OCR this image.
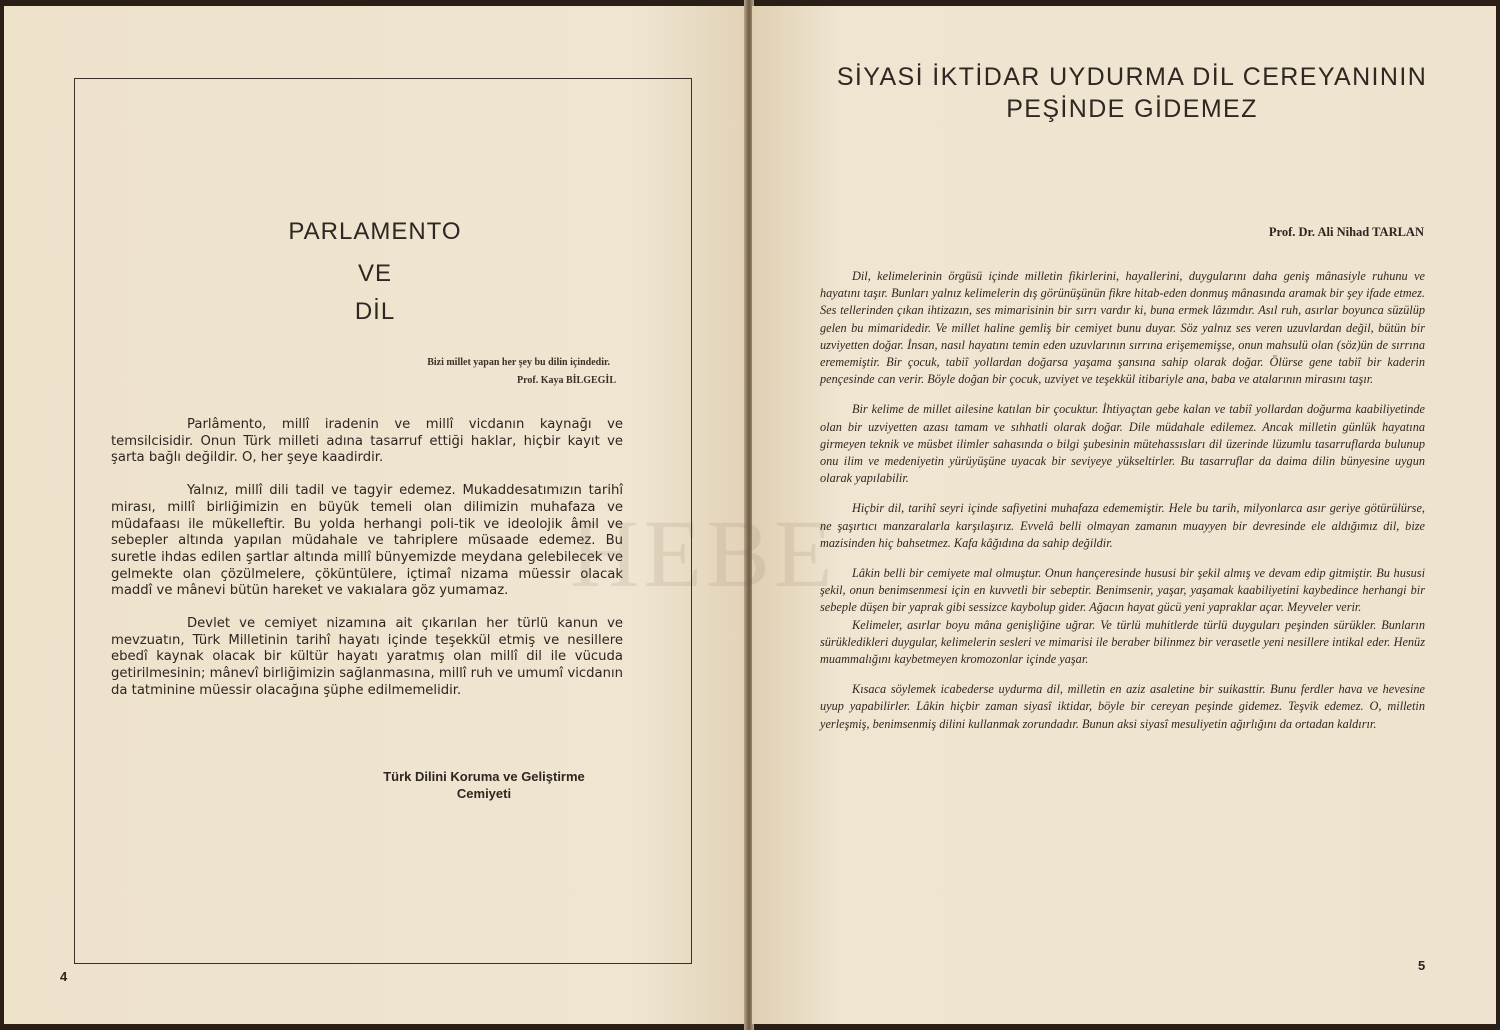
PARLAMENTO
VE
DİL
Bizi millet yapan her şey bu dilin içindedir.
Prof. Kaya BİLGEGİL

Parlâmento, millî iradenin ve millî vicdanın kaynağı ve temsilcisidir. Onun Türk milleti adına tasarruf ettiği haklar, hiçbir kayıt ve şarta bağlı değildir. O, her şeye kaadirdir.

Yalnız, millî dili tadil ve tagyir edemez. Mukaddesatımızın tarihî mirası, millî birliğimizin en büyük temeli olan dilimizin muhafaza ve müdafaası ile mükelleftir. Bu yolda herhangi poli-tik ve ideolojik âmil ve sebepler altında yapılan müdahale ve tahriplere müsaade edemez. Bu suretle ihdas edilen şartlar altında millî bünyemizde meydana gelebilecek ve gelmekte olan çözülmelere, çöküntülere, içtimaî nizama müessir olacak maddî ve mânevi bütün hareket ve vakıalara göz yumamaz.

Devlet ve cemiyet nizamına ait çıkarılan her türlü kanun ve mevzuatın, Türk Milletinin tarihî hayatı içinde teşekkül etmiş ve nesillere ebedî kaynak olacak bir kültür hayatı yaratmış olan millî dil ile vücuda getirilmesinin; mânevî birliğimizin sağlanmasına, millî ruh ve umumî vicdanın da tatminine müessir olacağına şüphe edilmemelidir.

Türk Dilini Koruma ve Geliştirme
Cemiyeti
4
SİYASİ İKTİDAR UYDURMA DİL CEREYANININ
PEŞİNDE GİDEMEZ
Prof. Dr. Ali Nihad TARLAN

Dil, kelimelerinin örgüsü içinde milletin fikirlerini, hayallerini, duygularını daha geniş mânasiyle ruhunu ve hayatını taşır. Bunları yalnız kelimelerin dış görünüşünün fikre hitab-eden donmuş mânasında aramak bir şey ifade etmez. Ses tellerinden çıkan ihtizazın, ses mimarisinin bir sırrı vardır ki, buna ermek lâzımdır. Asıl ruh, asırlar boyunca süzülüp gelen bu mimaridedir. Ve millet haline gemliş bir cemiyet bunu duyar. Söz yalnız ses veren uzuvlardan değil, bütün bir uzviyetten doğar. İnsan, nasıl hayatını temin eden uzuvlarının sırrına erişememişse, onun mahsulü olan (söz)ün de sırrına erememiştir. Bir çocuk, tabiî yollardan doğarsa yaşama şansına sahip olarak doğar. Ölürse gene tabiî bir kaderin pençesinde can verir. Böyle doğan bir çocuk, uzviyet ve teşekkül itibariyle ana, baba ve atalarının mirasını taşır.

Bir kelime de millet ailesine katılan bir çocuktur. İhtiyaçtan gebe kalan ve tabiî yollardan doğurma kaabiliyetinde olan bir uzviyetten azası tamam ve sıhhatli olarak doğar. Dile müdahale edilemez. Ancak milletin günlük hayatına girmeyen teknik ve müsbet ilimler sahasında o bilgi şubesinin mütehassısları dil üzerinde lüzumlu tasarruflarda bulunup onu ilim ve medeniyetin yürüyüşüne uyacak bir seviyeye yükseltirler. Bu tasarruflar da daima dilin bünyesine uygun olarak yapılabilir.

Hiçbir dil, tarihî seyri içinde safiyetini muhafaza edememiştir. Hele bu tarih, milyonlarca asır geriye götürülürse, ne şaşırtıcı manzaralarla karşılaşırız. Evvelâ belli olmayan zamanın muayyen bir devresinde ele aldığımız dil, bize mazisinden hiç bahsetmez. Kafa kâğıdına da sahip değildir.

Lâkin belli bir cemiyete mal olmuştur. Onun hançeresinde hususi bir şekil almış ve devam edip gitmiştir. Bu hususi şekil, onun benimsenmesi için en kuvvetli bir sebeptir. Benimsenir, yaşar, yaşamak kaabiliyetini kaybedince herhangi bir sebeple düşen bir yaprak gibi sessizce kaybolup gider. Ağacın hayat gücü yeni yapraklar açar. Meyveler verir.

Kelimeler, asırlar boyu mâna genişliğine uğrar. Ve türlü muhitlerde türlü duyguları peşinden sürükler. Bunların sürükledikleri duygular, kelimelerin sesleri ve mimarisi ile beraber bilinmez bir verasetle yeni nesillere intikal eder. Henüz muammalığını kaybetmeyen kromozonlar içinde yaşar.

Kısaca söylemek icabederse uydurma dil, milletin en aziz asaletine bir suikasttir. Bunu ferdler hava ve hevesine uyup yapabilirler. Lâkin hiçbir zaman siyasî iktidar, böyle bir cereyan peşinde gidemez. Teşvik edemez. O, milletin yerleşmiş, benimsenmiş dilini kullanmak zorundadır. Bunun aksi siyasî mesuliyetin ağırlığını da ortadan kaldırır.

5
HEBE
